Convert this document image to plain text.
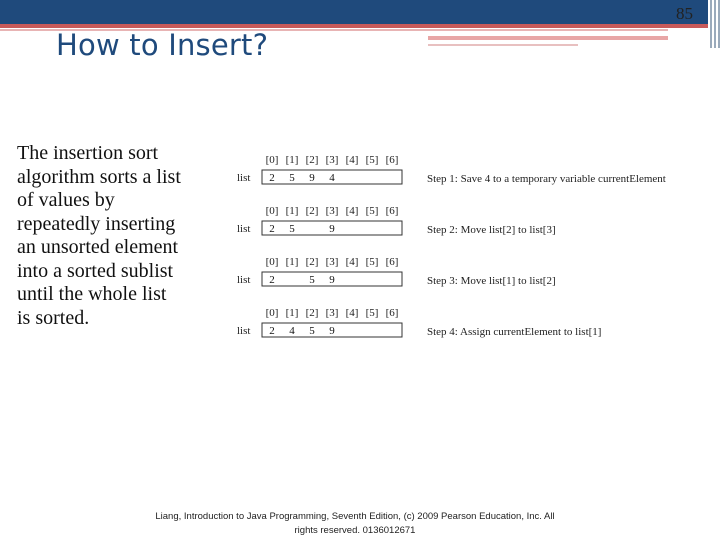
85
How to Insert?
The insertion sort
algorithm sorts a list
of values by
repeatedly inserting
an unsorted element
into a sorted sublist
until the whole list
is sorted.
[0] [1] [2] [3] [4] [5] [6]
list 2 5 9 4	Step 1: Save 4 to a temporary variable currentElement
[0] [1] [2] [3] [4] [5] [6]
list 2 5	9	Step 2: Move list[2] to list[3]
[0] [1] [2] [3] [4] [5] [6]
list 2	5 9	Step 3: Move list[1] to list[2]
[0] [1] [2] [3] [4] [5] [6]
list 2 4 5 9	Step 4: Assign currentElement to list[1]
Liang, Introduction to Java Programming, Seventh Edition, (c) 2009 Pearson Education, Inc. All
rights reserved. 0136012671
